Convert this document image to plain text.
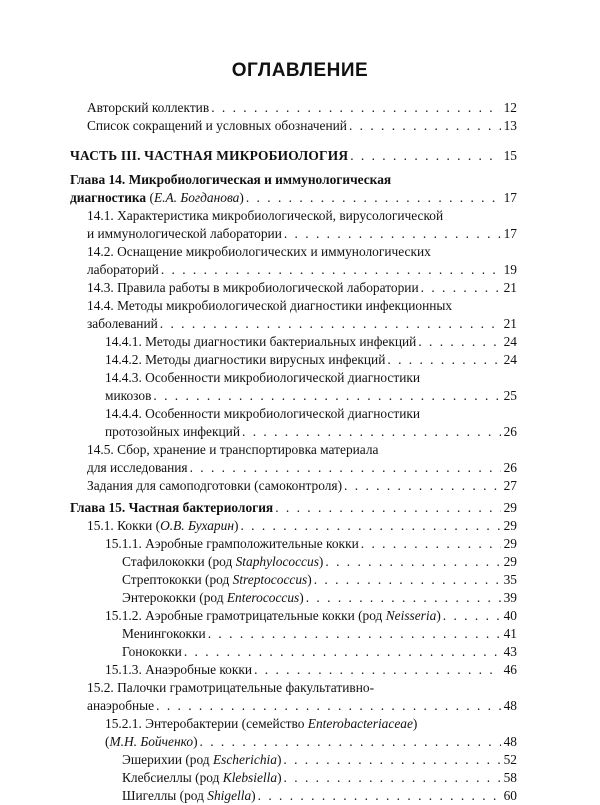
ОГЛАВЛЕНИЕ
Авторский коллектив . . .	12
Список сокращений и условных обозначений . . .	13
ЧАСТЬ III. ЧАСТНАЯ МИКРОБИОЛОГИЯ . . .	15
Глава 14. Микробиологическая и иммунологическая
диагностика (Е.А. Богданова) . . .	17
14.1. Характеристика микробиологической, вирусологической
и иммунологической лаборатории . . .	17
14.2. Оснащение микробиологических и иммунологических
лабораторий . . .	19
14.3. Правила работы в микробиологической лаборатории . . .	21
14.4. Методы микробиологической диагностики инфекционных
заболеваний . . .	21
14.4.1. Методы диагностики бактериальных инфекций . . .	24
14.4.2. Методы диагностики вирусных инфекций . . .	24
14.4.3. Особенности микробиологической диагностики
микозов . . .	25
14.4.4. Особенности микробиологической диагностики
протозойных инфекций . . .	26
14.5. Сбор, хранение и транспортировка материала
для исследования . . .	26
Задания для самоподготовки (самоконтроля) . . .	27
Глава 15. Частная бактериология . . .	29
15.1. Кокки (О.В. Бухарин) . . .	29
15.1.1. Аэробные грамположительные кокки . . .	29
Стафилококки (род Staphylococcus) . . .	29
Стрептококки (род Streptococcus) . . .	35
Энтерококки (род Enterococcus) . . .	39
15.1.2. Аэробные грамотрицательные кокки (род Neisseria) . . .	40
Менингококки . . .	41
Гонококки . . .	43
15.1.3. Анаэробные кокки . . .	46
15.2. Палочки грамотрицательные факультативно-
анаэробные . . .	48
15.2.1. Энтеробактерии (семейство Enterobacteriaceae)
(М.Н. Бойченко) . . .	48
Эшерихии (род Escherichia) . . .	52
Клебсиеллы (род Klebsiella) . . .	58
Шигеллы (род Shigella) . . .	60
